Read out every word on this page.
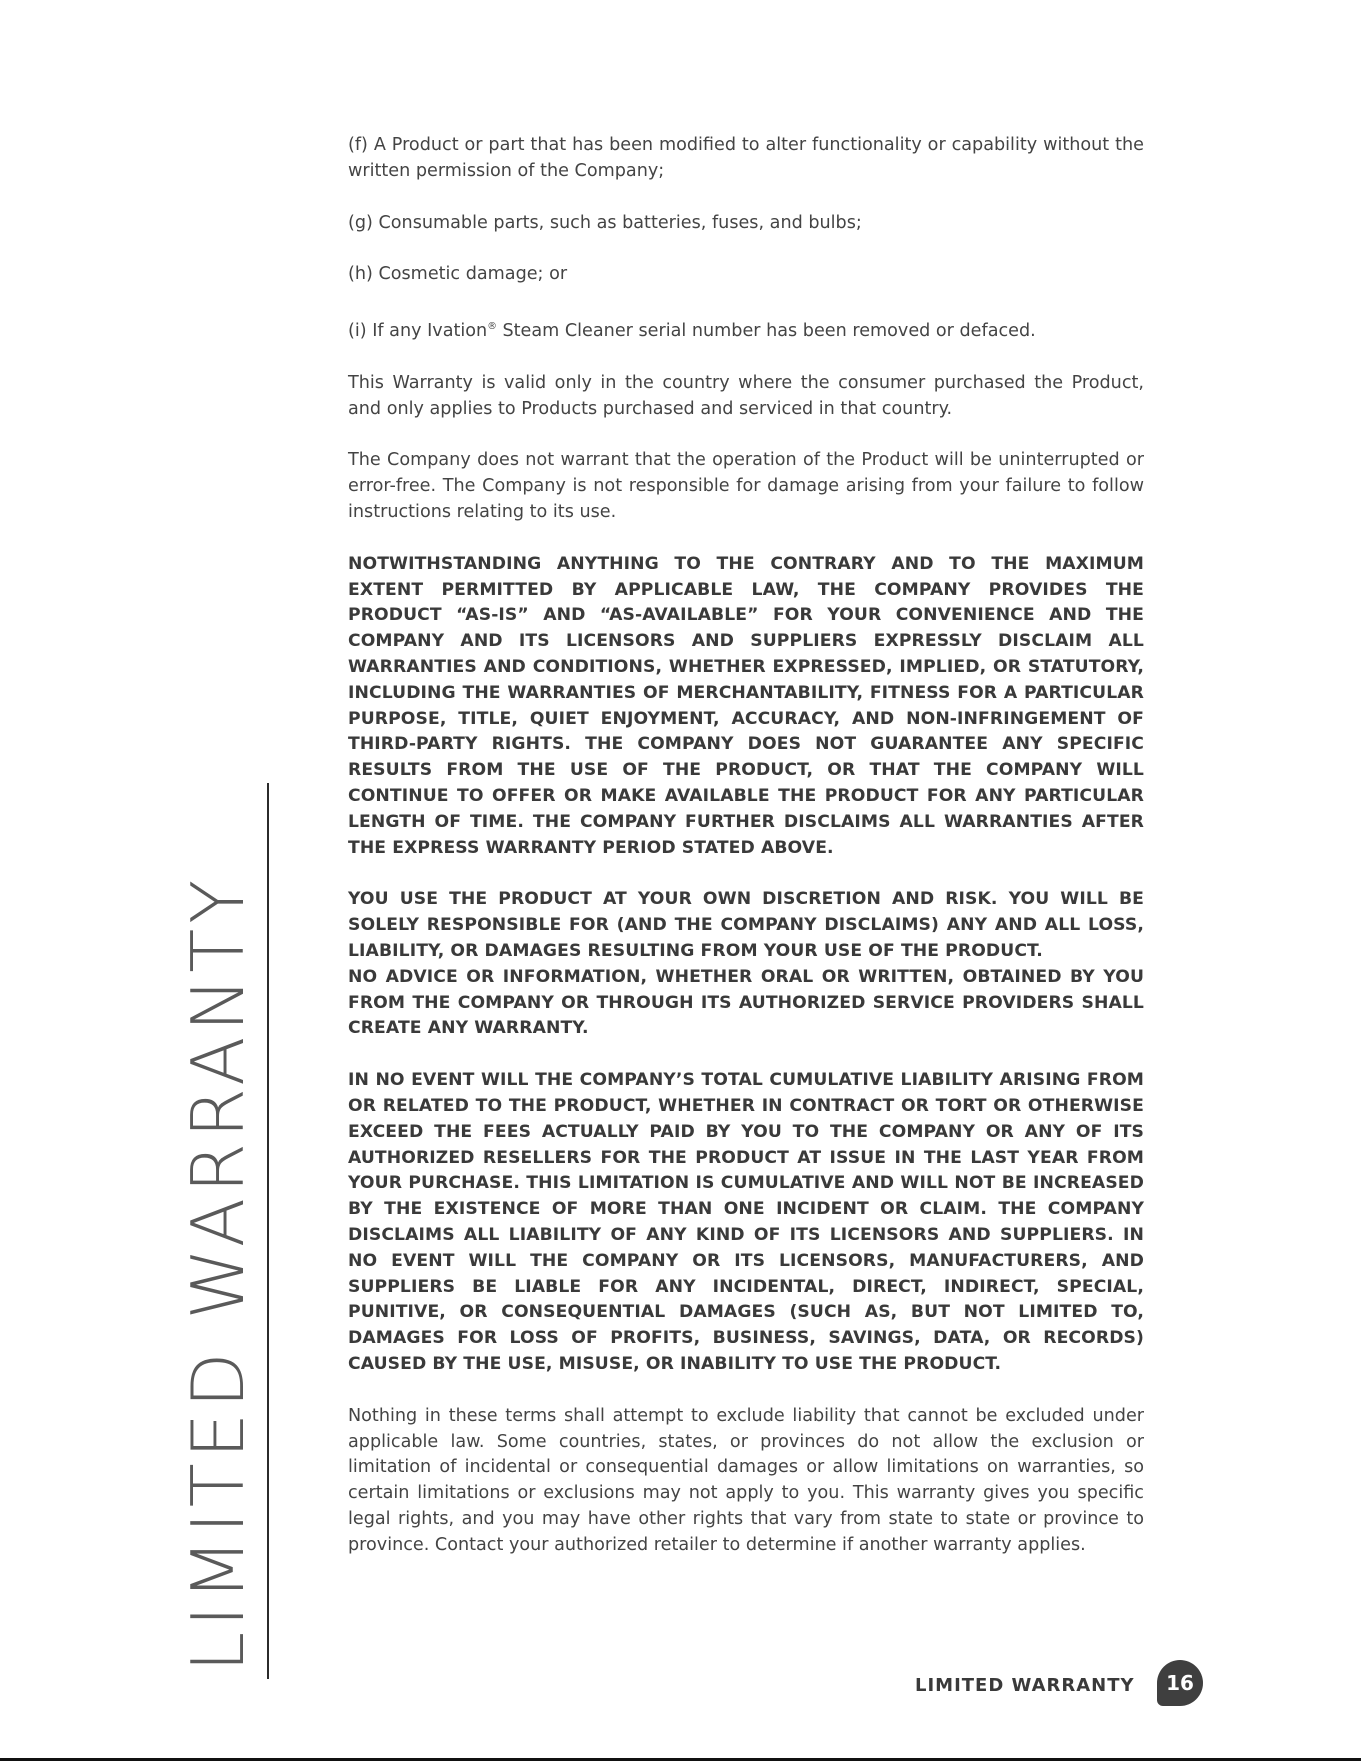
LIMITED WARRANTY

(f) A Product or part that has been modified to alter functionality or capability without the written permission of the Company;

(g) Consumable parts, such as batteries, fuses, and bulbs;

(h) Cosmetic damage; or

(i) If any Ivation® Steam Cleaner serial number has been removed or defaced.

This Warranty is valid only in the country where the consumer purchased the Product, and only applies to Products purchased and serviced in that country.

The Company does not warrant that the operation of the Product will be uninterrupted or error-free. The Company is not responsible for damage arising from your failure to follow instructions relating to its use.

NOTWITHSTANDING ANYTHING TO THE CONTRARY AND TO THE MAXIMUM EXTENT PERMITTED BY APPLICABLE LAW, THE COMPANY PROVIDES THE PRODUCT “AS-IS” AND “AS-AVAILABLE” FOR YOUR CONVENIENCE AND THE COMPANY AND ITS LICENSORS AND SUPPLIERS EXPRESSLY DISCLAIM ALL WARRANTIES AND CONDITIONS, WHETHER EXPRESSED, IMPLIED, OR STATUTORY, INCLUDING THE WARRANTIES OF MERCHANTABILITY, FITNESS FOR A PARTICULAR PURPOSE, TITLE, QUIET ENJOYMENT, ACCURACY, AND NON-INFRINGEMENT OF THIRD-PARTY RIGHTS. THE COMPANY DOES NOT GUARANTEE ANY SPECIFIC RESULTS FROM THE USE OF THE PRODUCT, OR THAT THE COMPANY WILL CONTINUE TO OFFER OR MAKE AVAILABLE THE PRODUCT FOR ANY PARTICULAR LENGTH OF TIME. THE COMPANY FURTHER DISCLAIMS ALL WARRANTIES AFTER THE EXPRESS WARRANTY PERIOD STATED ABOVE.

YOU USE THE PRODUCT AT YOUR OWN DISCRETION AND RISK. YOU WILL BE SOLELY RESPONSIBLE FOR (AND THE COMPANY DISCLAIMS) ANY AND ALL LOSS, LIABILITY, OR DAMAGES RESULTING FROM YOUR USE OF THE PRODUCT.

NO ADVICE OR INFORMATION, WHETHER ORAL OR WRITTEN, OBTAINED BY YOU FROM THE COMPANY OR THROUGH ITS AUTHORIZED SERVICE PROVIDERS SHALL CREATE ANY WARRANTY.

IN NO EVENT WILL THE COMPANY’S TOTAL CUMULATIVE LIABILITY ARISING FROM OR RELATED TO THE PRODUCT, WHETHER IN CONTRACT OR TORT OR OTHERWISE EXCEED THE FEES ACTUALLY PAID BY YOU TO THE COMPANY OR ANY OF ITS AUTHORIZED RESELLERS FOR THE PRODUCT AT ISSUE IN THE LAST YEAR FROM YOUR PURCHASE. THIS LIMITATION IS CUMULATIVE AND WILL NOT BE INCREASED BY THE EXISTENCE OF MORE THAN ONE INCIDENT OR CLAIM. THE COMPANY DISCLAIMS ALL LIABILITY OF ANY KIND OF ITS LICENSORS AND SUPPLIERS. IN NO EVENT WILL THE COMPANY OR ITS LICENSORS, MANUFACTURERS, AND SUPPLIERS BE LIABLE FOR ANY INCIDENTAL, DIRECT, INDIRECT, SPECIAL, PUNITIVE, OR CONSEQUENTIAL DAMAGES (SUCH AS, BUT NOT LIMITED TO, DAMAGES FOR LOSS OF PROFITS, BUSINESS, SAVINGS, DATA, OR RECORDS) CAUSED BY THE USE, MISUSE, OR INABILITY TO USE THE PRODUCT.

Nothing in these terms shall attempt to exclude liability that cannot be excluded under applicable law. Some countries, states, or provinces do not allow the exclusion or limitation of incidental or consequential damages or allow limitations on warranties, so certain limitations or exclusions may not apply to you. This warranty gives you specific legal rights, and you may have other rights that vary from state to state or province to province. Contact your authorized retailer to determine if another warranty applies.

LIMITED WARRANTY	16
